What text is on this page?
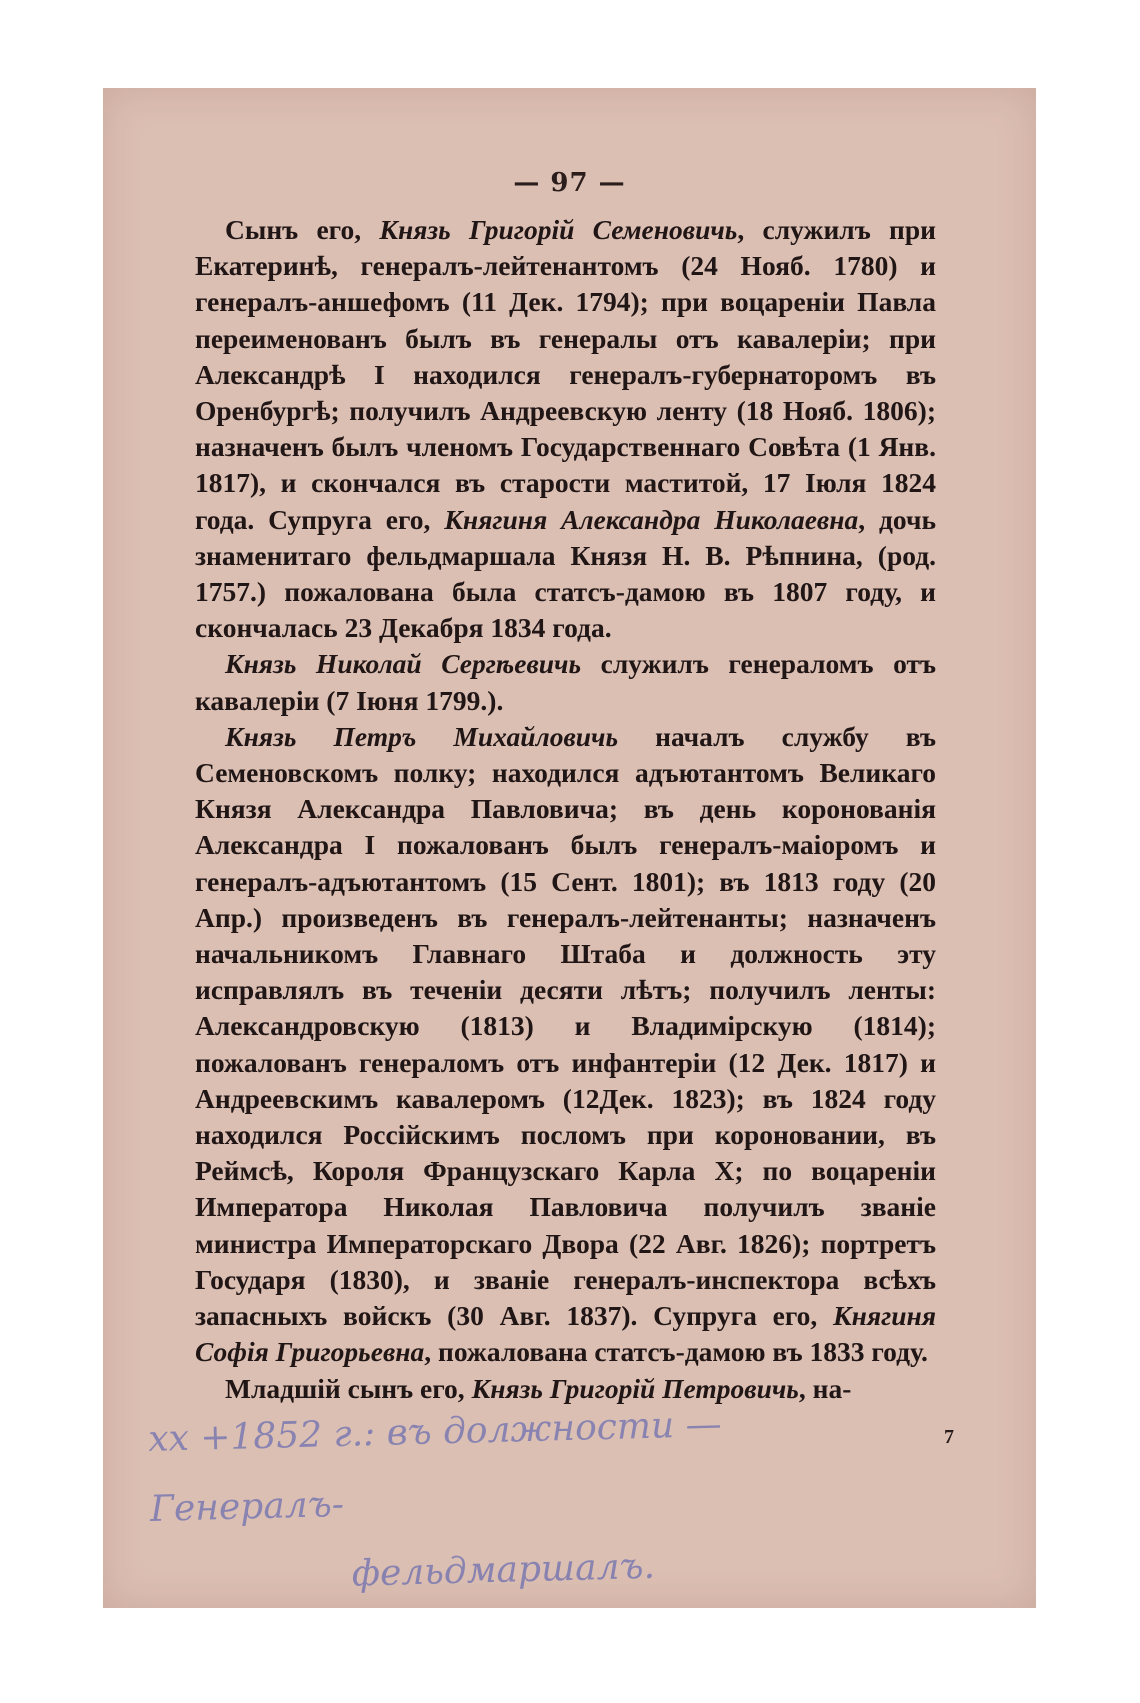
— 97 —

Сынъ его, Князь Григорій Семеновичь, служилъ при Екатеринѣ, генералъ-лейтенантомъ (24 Нояб. 1780) и генералъ-аншефомъ (11 Дек. 1794); при воцареніи Павла переименованъ былъ въ генералы отъ кавалеріи; при Александрѣ I находился генералъ-губернаторомъ въ Оренбургѣ; получилъ Андреевскую ленту (18 Нояб. 1806); назначенъ былъ членомъ Государственнаго Совѣта (1 Янв. 1817), и скончался въ старости маститой, 17 Іюля 1824 года. Супруга его, Княгиня Александра Николаевна, дочь знаменитаго фельдмаршала Князя Н. В. Рѣпнина, (род. 1757.) пожалована была статсъ-дамою въ 1807 году, и скончалась 23 Декабря 1834 года.

Князь Николай Сергѣевичь служилъ генераломъ отъ кавалеріи (7 Іюня 1799.).

Князь Петръ Михайловичь началъ службу въ Семеновскомъ полку; находился адъютантомъ Великаго Князя Александра Павловича; въ день коронованія Александра I пожалованъ былъ генералъ-маіоромъ и генералъ-адъютантомъ (15 Сент. 1801); въ 1813 году (20 Апр.) произведенъ въ генералъ-лейтенанты; назначенъ начальникомъ Главнаго Штаба и должность эту исправлялъ въ теченіи десяти лѣтъ; получилъ ленты: Александровскую (1813) и Владимірскую (1814); пожалованъ генераломъ отъ инфантеріи (12 Дек. 1817) и Андреевскимъ кавалеромъ (12Дек. 1823); въ 1824 году находился Россійскимъ посломъ при короновании, въ Реймсѣ, Короля Французскаго Карла X; по воцареніи Императора Николая Павловича получилъ званіе министра Императорскаго Двора (22 Авг. 1826); портретъ Государя (1830), и званіе генералъ-инспектора всѣхъ запасныхъ войскъ (30 Авг. 1837). Супруга его, Княгиня Софія Григорьевна, пожалована статсъ-дамою въ 1833 году.

Младшій сынъ его, Князь Григорій Петровичь, на-

7
xx +1852 г.: въ должности — Генералъ-
фельдмаршалъ.
